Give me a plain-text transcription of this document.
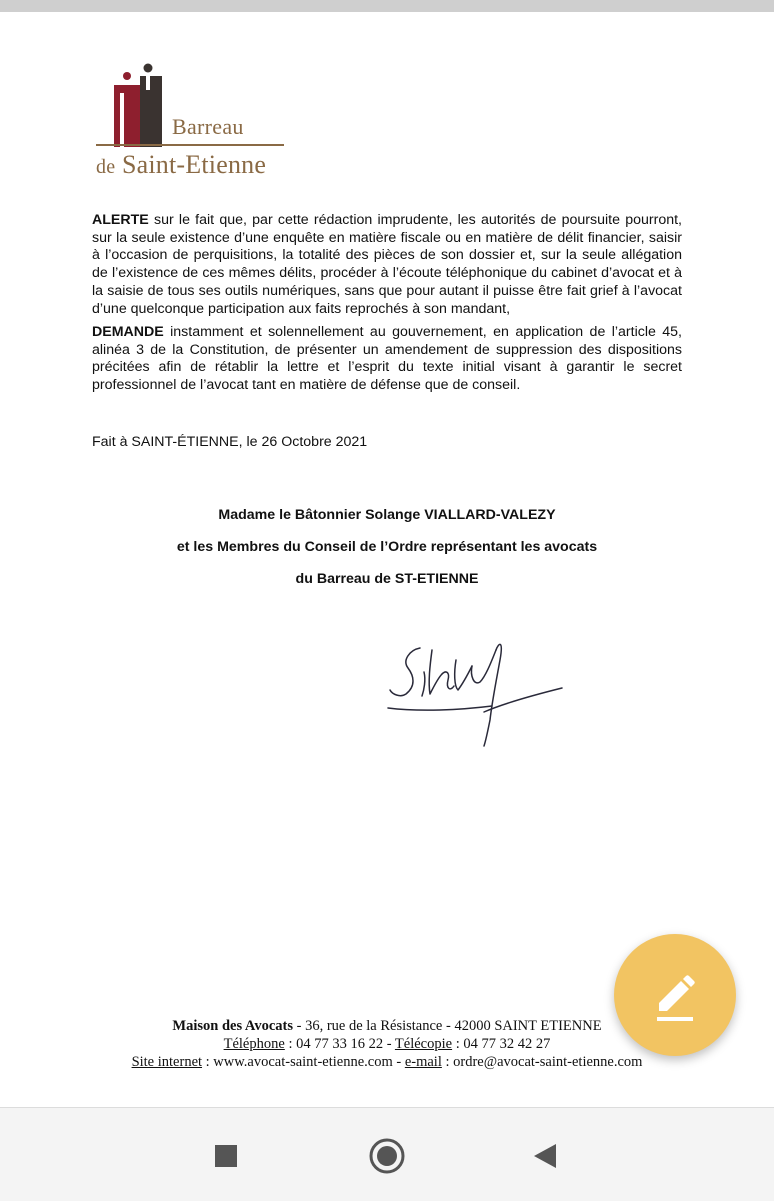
Barreau
de Saint-Etienne
ALERTE sur le fait que, par cette rédaction imprudente, les autorités de poursuite pourront, sur la seule existence d’une enquête en matière fiscale ou en matière de délit financier, saisir à l’occasion de perquisitions, la totalité des pièces de son dossier et, sur la seule allégation de l’existence de ces mêmes délits, procéder à l’écoute téléphonique du cabinet d’avocat et à la saisie de tous ses outils numériques, sans que pour autant il puisse être fait grief à l’avocat d’une quelconque participation aux faits reprochés à son mandant,
DEMANDE instamment et solennellement au gouvernement, en application de l’article 45, alinéa 3 de la Constitution, de présenter un amendement de suppression des dispositions précitées afin de rétablir la lettre et l’esprit du texte initial visant à garantir le secret professionnel de l’avocat tant en matière de défense que de conseil.
Fait à SAINT-ÉTIENNE, le 26 Octobre 2021
Madame le Bâtonnier Solange VIALLARD-VALEZY
et les Membres du Conseil de l’Ordre représentant les avocats
du Barreau de ST-ETIENNE
Maison des Avocats - 36, rue de la Résistance - 42000 SAINT ETIENNE
Téléphone : 04 77 33 16 22 - Télécopie : 04 77 32 42 27
Site internet : www.avocat-saint-etienne.com - e-mail : ordre@avocat-saint-etienne.com
